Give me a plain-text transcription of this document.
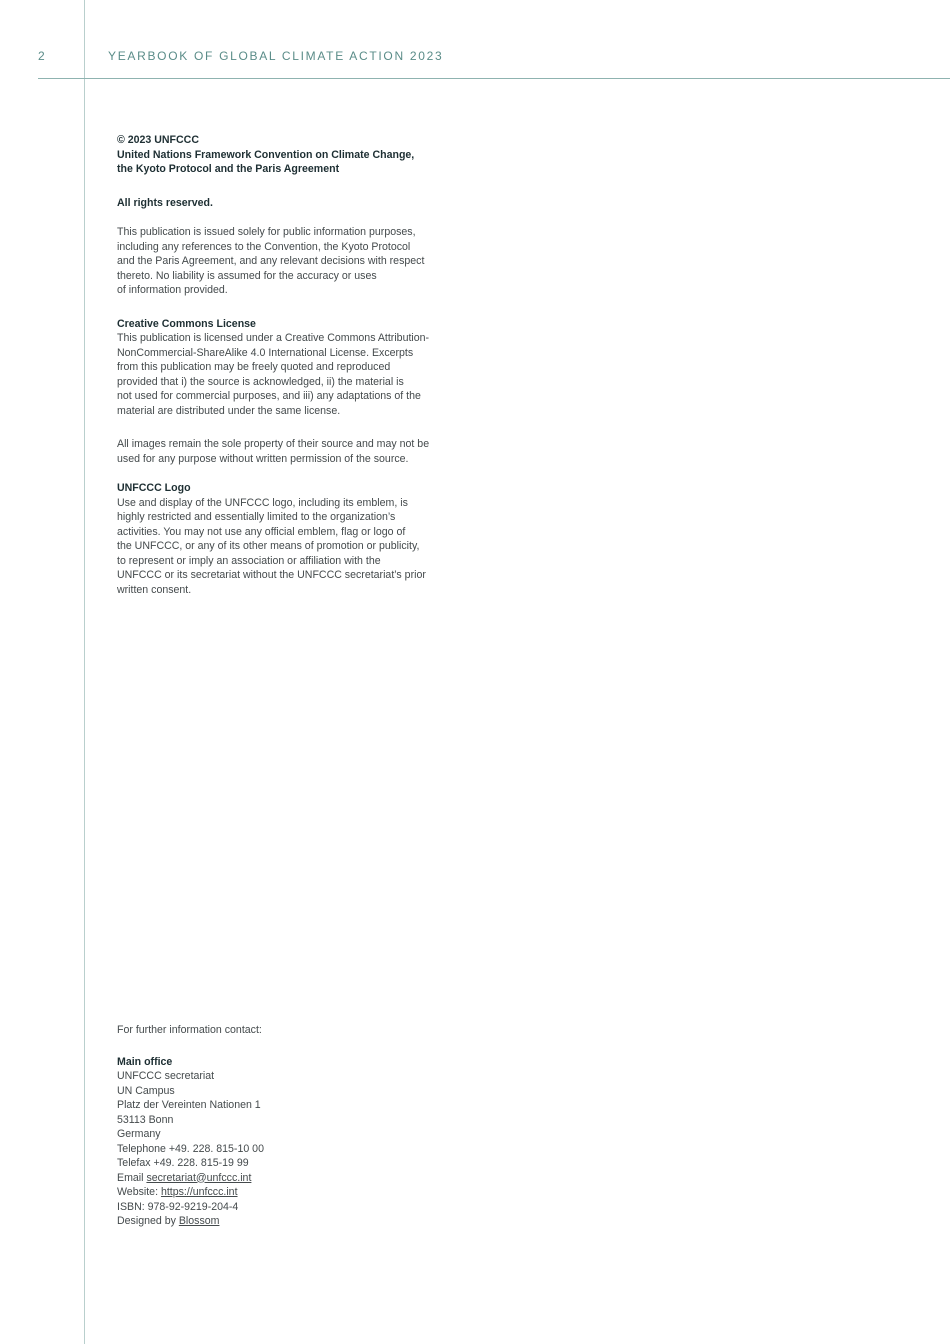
2	YEARBOOK OF GLOBAL CLIMATE ACTION 2023
© 2023 UNFCCC
United Nations Framework Convention on Climate Change,
the Kyoto Protocol and the Paris Agreement

All rights reserved.

This publication is issued solely for public information purposes,
including any references to the Convention, the Kyoto Protocol
and the Paris Agreement, and any relevant decisions with respect
thereto. No liability is assumed for the accuracy or uses
of information provided.

Creative Commons License

This publication is licensed under a Creative Commons Attribution-
NonCommercial-ShareAlike 4.0 International License. Excerpts
from this publication may be freely quoted and reproduced
provided that i) the source is acknowledged, ii) the material is
not used for commercial purposes, and iii) any adaptations of the
material are distributed under the same license.

All images remain the sole property of their source and may not be
used for any purpose without written permission of the source.

UNFCCC Logo

Use and display of the UNFCCC logo, including its emblem, is
highly restricted and essentially limited to the organization’s
activities. You may not use any official emblem, flag or logo of
the UNFCCC, or any of its other means of promotion or publicity,
to represent or imply an association or affiliation with the
UNFCCC or its secretariat without the UNFCCC secretariat’s prior
written consent.

For further information contact:
Main office
UNFCCC secretariat
UN Campus
Platz der Vereinten Nationen 1
53113 Bonn
Germany
Telephone +49. 228. 815-10 00
Telefax +49. 228. 815-19 99
Email secretariat@unfccc.int
Website: https://unfccc.int
ISBN: 978-92-9219-204-4
Designed by Blossom
